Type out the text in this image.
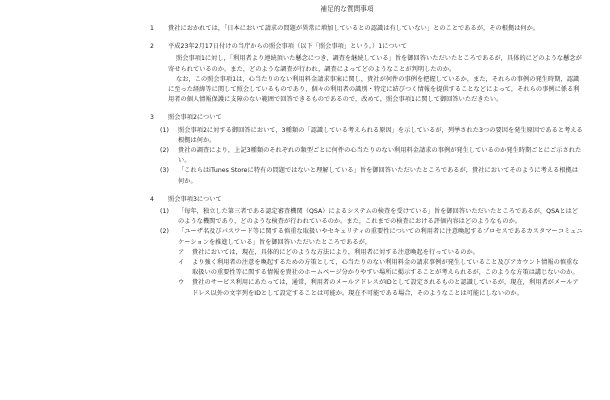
補足的な質問事項
1	貴社におかれては，「日本において請求の問題が異常に増加しているとの認識は有していない」とのことであるが，その根拠は何か。
2	平成23年2月17日付けの当庁からの照会事項（以下「照会事項」という。）1について

照会事項1に対し，「利用者より連続頂いた懸念につき，調査を継続している」旨を御回答いただいたところであるが，具体的にどのような懸念が寄せられているのか。また，どのような調査が行われ，調査によってどのようなことが判明したのか。

なお，この照会事項1は，心当たりのない利用料金請求事案に関し，貴社が何件の事例を把握しているか，また，それらの事例の発生時期，認識に至った経緯等に関して照会しているものであり，個々の利用者の識別・特定に結びつく情報を提供することなどによって，それらの事例に係る利用者の個人情報保護に支障のない範囲で回答できるものであるので，改めて，照会事項1に関して御回答いただきたい。

3	照会事項2について
(1)	照会事項2に対する御回答において，3種類の「認識している考えられる原因」を示しているが，列挙された3つの要因を発生原因であると考える根拠は何か。
(2)	貴社の調査により，上記3種類のそれぞれの類型ごとに何件の心当たりのない利用料金請求の事例が発生しているのか発生時期ごとにご示されたい。
(3)	「これらはiTunes Storeに特有の問題ではないと理解している」旨を御回答いただいたところであるが，貴社においてそのように考える根拠は何か。
4	照会事項3について
(1)	「毎年，独立した第三者である認定審査機関（QSA）によるシステムの検査を受けている」旨を御回答いただいたところであるが，QSAとはどのような機関であり，どのような検査が行われているのか。また，これまでの検査における評価内容はどのようなものか。
(2)	「ユーザ名及びパスワード等に関する慎重な取扱いやセキュリティの重要性についての利用者に注意喚起するプロセスであるカスタマーコミュニケーションを推進している」旨を御回答いただいたところであるが，
ア	貴社においては，現在，具体的にどのような方法により，利用者に対する注意喚起を行っているのか。
イ	より強く利用者の注意を喚起するための方策として，心当たりのない利用料金の請求事例が発生していること及びアカウント情報の慎重な取扱いの重要性等に関する情報を貴社のホームページ分かりやすい場所に掲示することが考えられるが，このような方策は講じないのか。
ウ	貴社のサービス利用にあたっては，通常，利用者のメールアドレスがIDとして設定されるものと認識しているが，現在，利用者がメールアドレス以外の文字列をIDとして設定することは可能か。現在不可能である場合，そのようなことは可能にしないのか。
